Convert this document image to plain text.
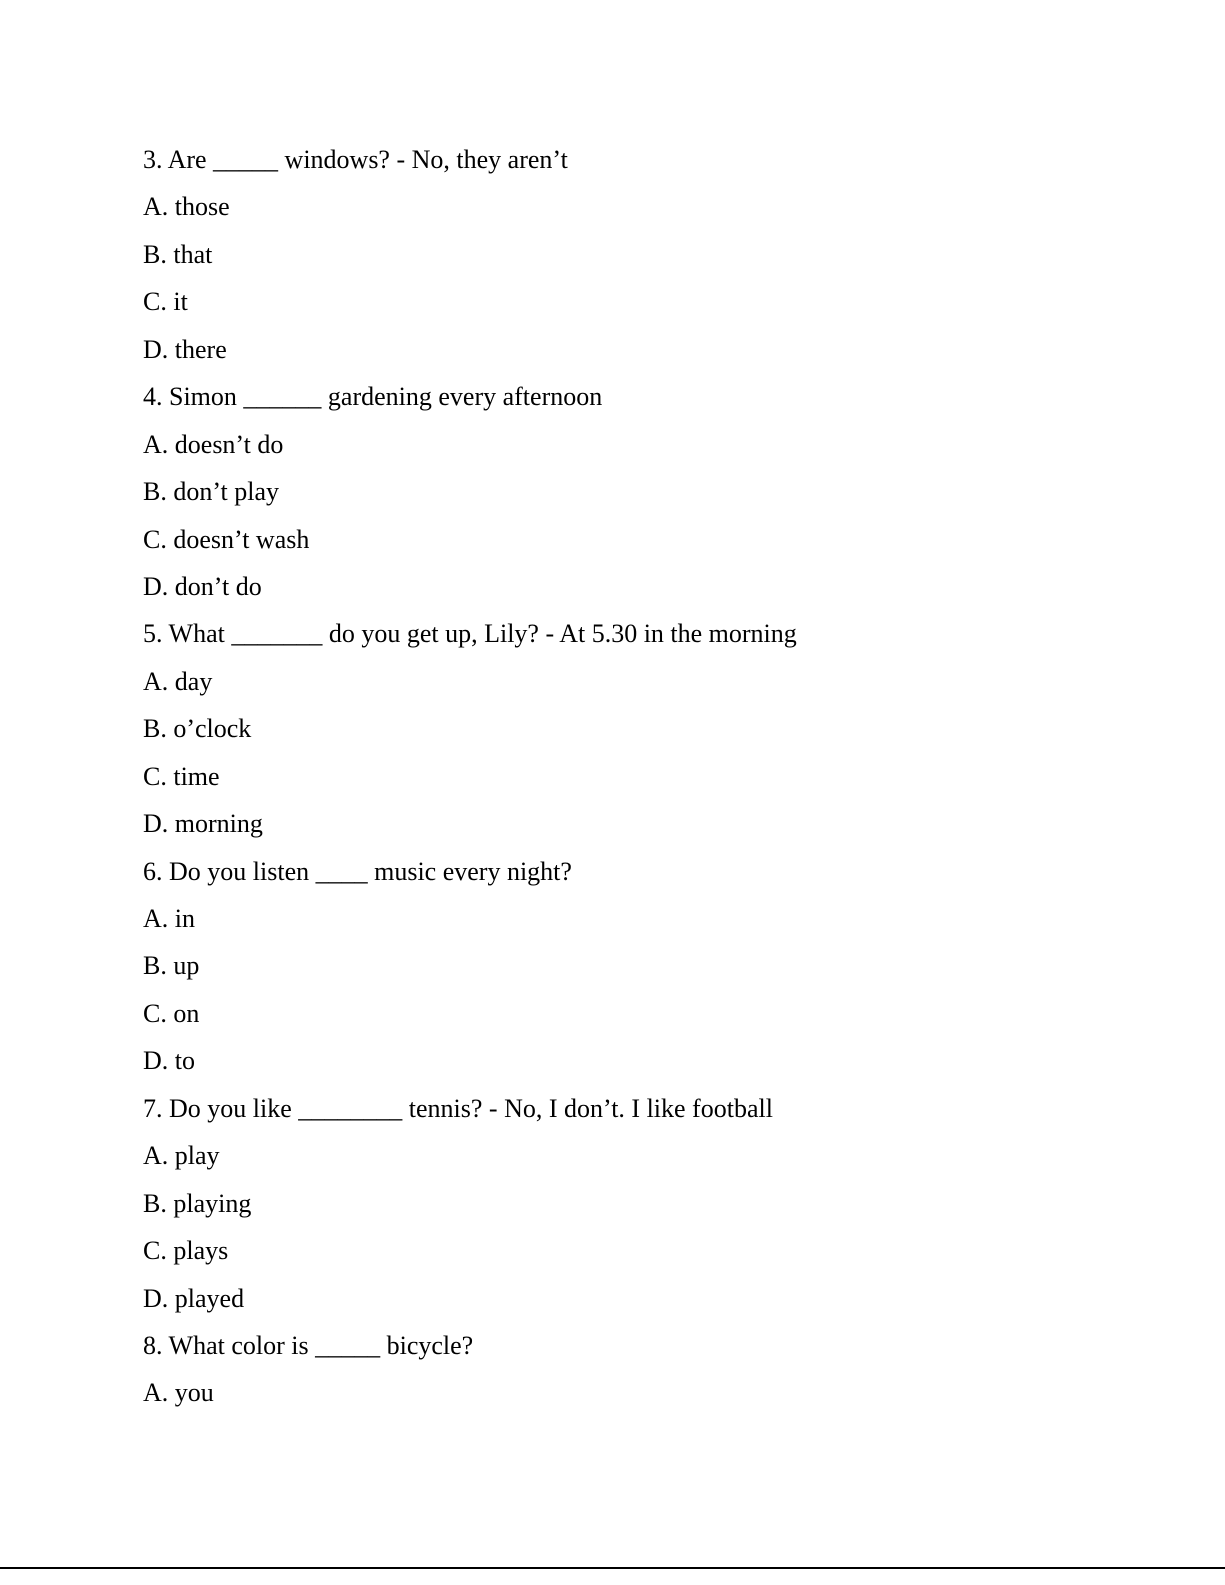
3. Are _____ windows? - No, they aren’t
A. those
B. that
C. it
D. there
4. Simon ______ gardening every afternoon
A. doesn’t do
B. don’t play
C. doesn’t wash
D. don’t do
5. What _______ do you get up, Lily? - At 5.30 in the morning
A. day
B. o’clock
C. time
D. morning
6. Do you listen ____ music every night?
A. in
B. up
C. on
D. to
7. Do you like ________ tennis? - No, I don’t. I like football
A. play
B. playing
C. plays
D. played
8. What color is _____ bicycle?
A. you
